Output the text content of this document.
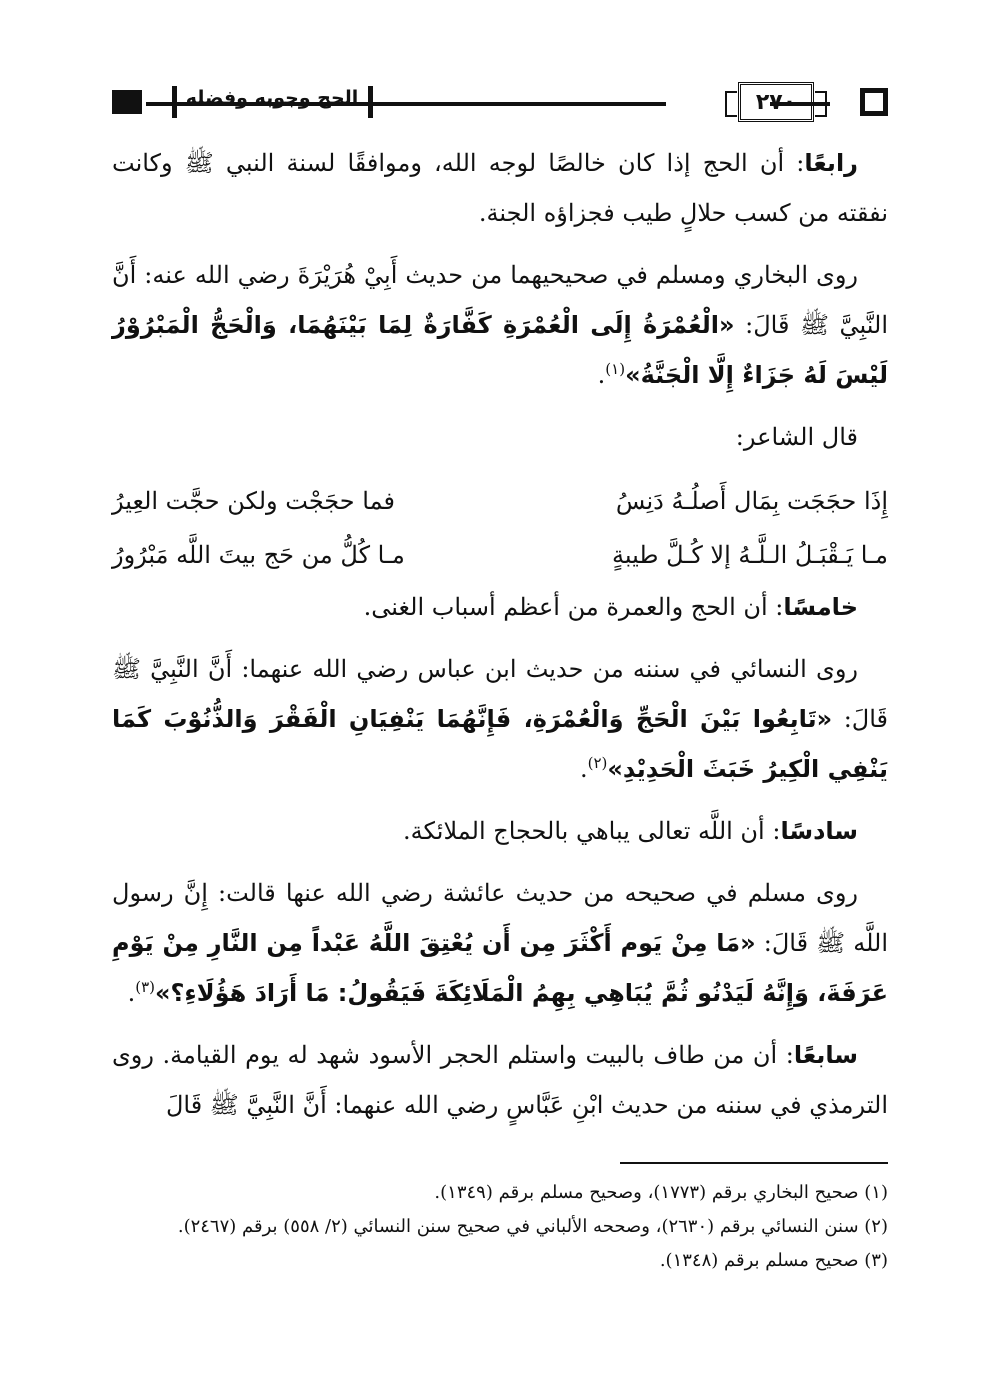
الحج وجوبه وفضله	٢٧٠

رابعًا: أن الحج إذا كان خالصًا لوجه الله، وموافقًا لسنة النبي ﷺ وكانت نفقته من كسب حلالٍ طيب فجزاؤه الجنة.

روى البخاري ومسلم في صحيحيهما من حديث أَبِيْ هُرَيْرَةَ رضي الله عنه: أَنَّ النَّبِيَّ ﷺ قَالَ: «الْعُمْرَةُ إِلَى الْعُمْرَةِ كَفَّارَةٌ لِمَا بَيْنَهُمَا، وَالْحَجُّ الْمَبْرُوْرُ لَيْسَ لَهُ جَزَاءٌ إِلَّا الْجَنَّةُ»$^{(١)}$.

قال الشاعر:

إِذَا حجَجَت بِمَال أَصلُـهُ دَنِسُ
فما حجَجْت ولكن حجَّت العِيرُ
مـا يَـقْبَـلُ الـلَّـهُ إلا كُـلَّ طيبةٍ
مـا كُلُّ من حَج بيتَ اللَّه مَبْرُورُ

خامسًا: أن الحج والعمرة من أعظم أسباب الغنى.

روى النسائي في سننه من حديث ابن عباس رضي الله عنهما: أَنَّ النَّبِيَّ ﷺ قَالَ: «تَابِعُوا بَيْنَ الْحَجِّ وَالْعُمْرَةِ، فَإِنَّهُمَا يَنْفِيَانِ الْفَقْرَ وَالذُّنُوْبَ كَمَا يَنْفِي الْكِيرُ خَبَثَ الْحَدِيْدِ»$^{(٢)}$.

سادسًا: أن اللَّه تعالى يباهي بالحجاج الملائكة.

روى مسلم في صحيحه من حديث عائشة رضي الله عنها قالت: إِنَّ رسول اللَّه ﷺ قَالَ: «مَا مِنْ يَوم أَكْثَرَ مِن أَن يُعْتِقَ اللَّهُ عَبْداً مِن النَّارِ مِنْ يَوْمِ عَرَفَةَ، وَإِنَّهُ لَيَدْنُو ثُمَّ يُبَاهِي بِهِمُ الْمَلَائِكَةَ فَيَقُولُ: مَا أَرَادَ هَؤُلَاءِ؟»$^{(٣)}$.

سابعًا: أن من طاف بالبيت واستلم الحجر الأسود شهد له يوم القيامة. روى الترمذي في سننه من حديث ابْنِ عَبَّاسٍ رضي الله عنهما: أَنَّ النَّبِيَّ ﷺ قَالَ

(١) صحيح البخاري برقم (١٧٧٣)، وصحيح مسلم برقم (١٣٤٩).

(٢) سنن النسائي برقم (٢٦٣٠)، وصححه الألباني في صحيح سنن النسائي (٢/ ٥٥٨) برقم (٢٤٦٧).

(٣) صحيح مسلم برقم (١٣٤٨).
